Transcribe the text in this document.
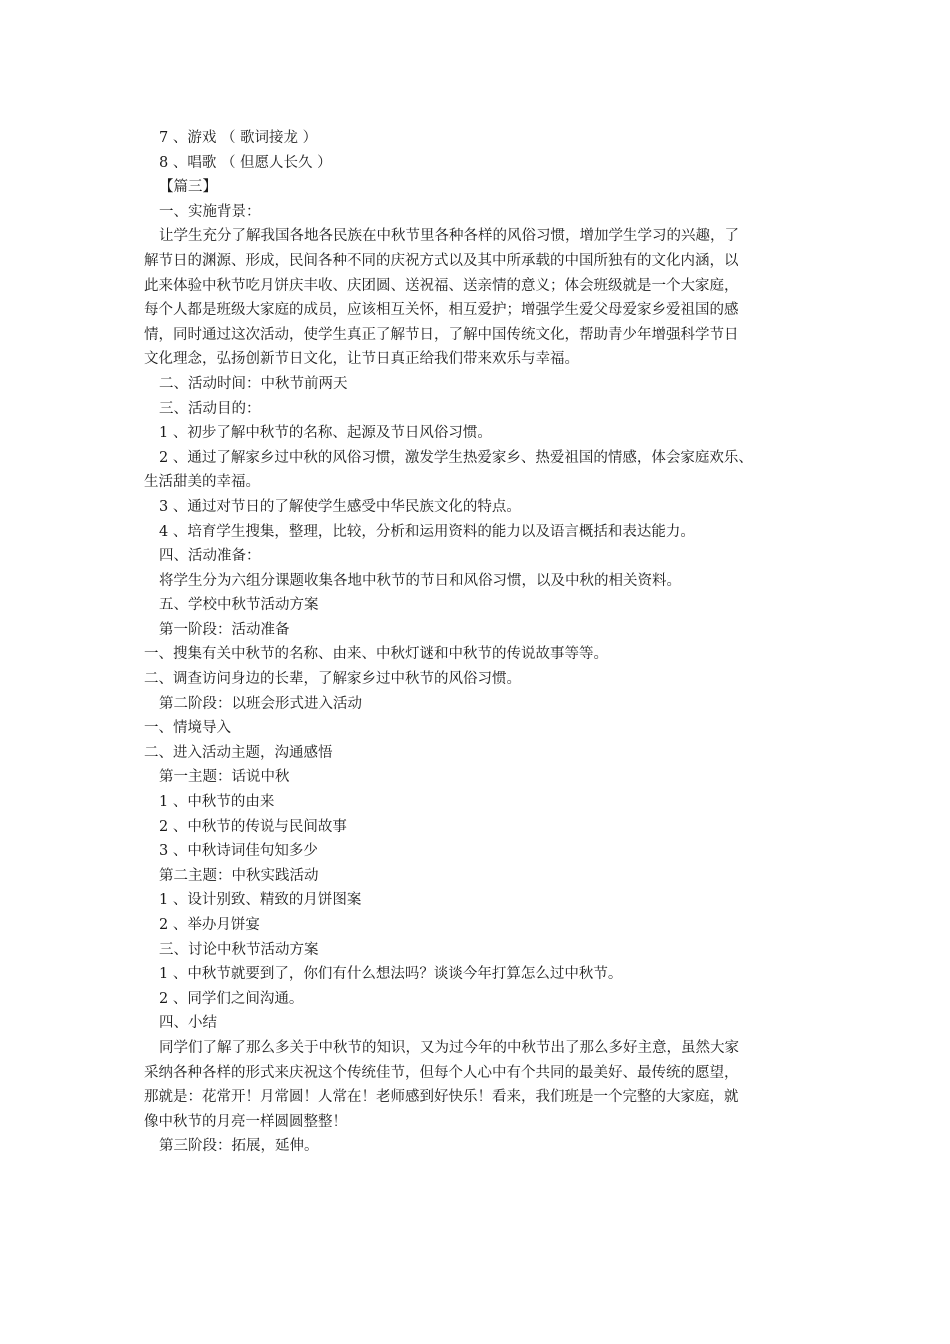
7 、游戏 （ 歌词接龙 ）
8 、唱歌 （ 但愿人长久 ）
【篇三】
一、实施背景：
让学生充分了解我国各地各民族在中秋节里各种各样的风俗习惯，增加学生学习的兴趣，了
解节日的渊源、形成，民间各种不同的庆祝方式以及其中所承载的中国所独有的文化内涵，以
此来体验中秋节吃月饼庆丰收、庆团圆、送祝福、送亲情的意义；体会班级就是一个大家庭，
每个人都是班级大家庭的成员，应该相互关怀，相互爱护；增强学生爱父母爱家乡爱祖国的感
情，同时通过这次活动，使学生真正了解节日，了解中国传统文化，帮助青少年增强科学节日
文化理念，弘扬创新节日文化，让节日真正给我们带来欢乐与幸福。
二、活动时间：中秋节前两天
三、活动目的：
1 、初步了解中秋节的名称、起源及节日风俗习惯。
2 、通过了解家乡过中秋的风俗习惯，激发学生热爱家乡、热爱祖国的情感，体会家庭欢乐、
生活甜美的幸福。
3 、通过对节日的了解使学生感受中华民族文化的特点。
4 、培育学生搜集，整理，比较，分析和运用资料的能力以及语言概括和表达能力。
四、活动准备：
将学生分为六组分课题收集各地中秋节的节日和风俗习惯，以及中秋的相关资料。
五、学校中秋节活动方案
第一阶段：活动准备
一、搜集有关中秋节的名称、由来、中秋灯谜和中秋节的传说故事等等。
二、调查访问身边的长辈，了解家乡过中秋节的风俗习惯。
第二阶段：以班会形式进入活动
一、情境导入
二、进入活动主题，沟通感悟
第一主题：话说中秋
1 、中秋节的由来
2 、中秋节的传说与民间故事
3 、中秋诗词佳句知多少
第二主题：中秋实践活动
1 、设计别致、精致的月饼图案
2 、举办月饼宴
三、讨论中秋节活动方案
1 、中秋节就要到了，你们有什么想法吗？谈谈今年打算怎么过中秋节。
2 、同学们之间沟通。
四、小结
同学们了解了那么多关于中秋节的知识，又为过今年的中秋节出了那么多好主意，虽然大家
采纳各种各样的形式来庆祝这个传统佳节，但每个人心中有个共同的最美好、最传统的愿望，
那就是：花常开！月常圆！人常在！老师感到好快乐！看来，我们班是一个完整的大家庭，就
像中秋节的月亮一样圆圆整整！
第三阶段：拓展，延伸。
